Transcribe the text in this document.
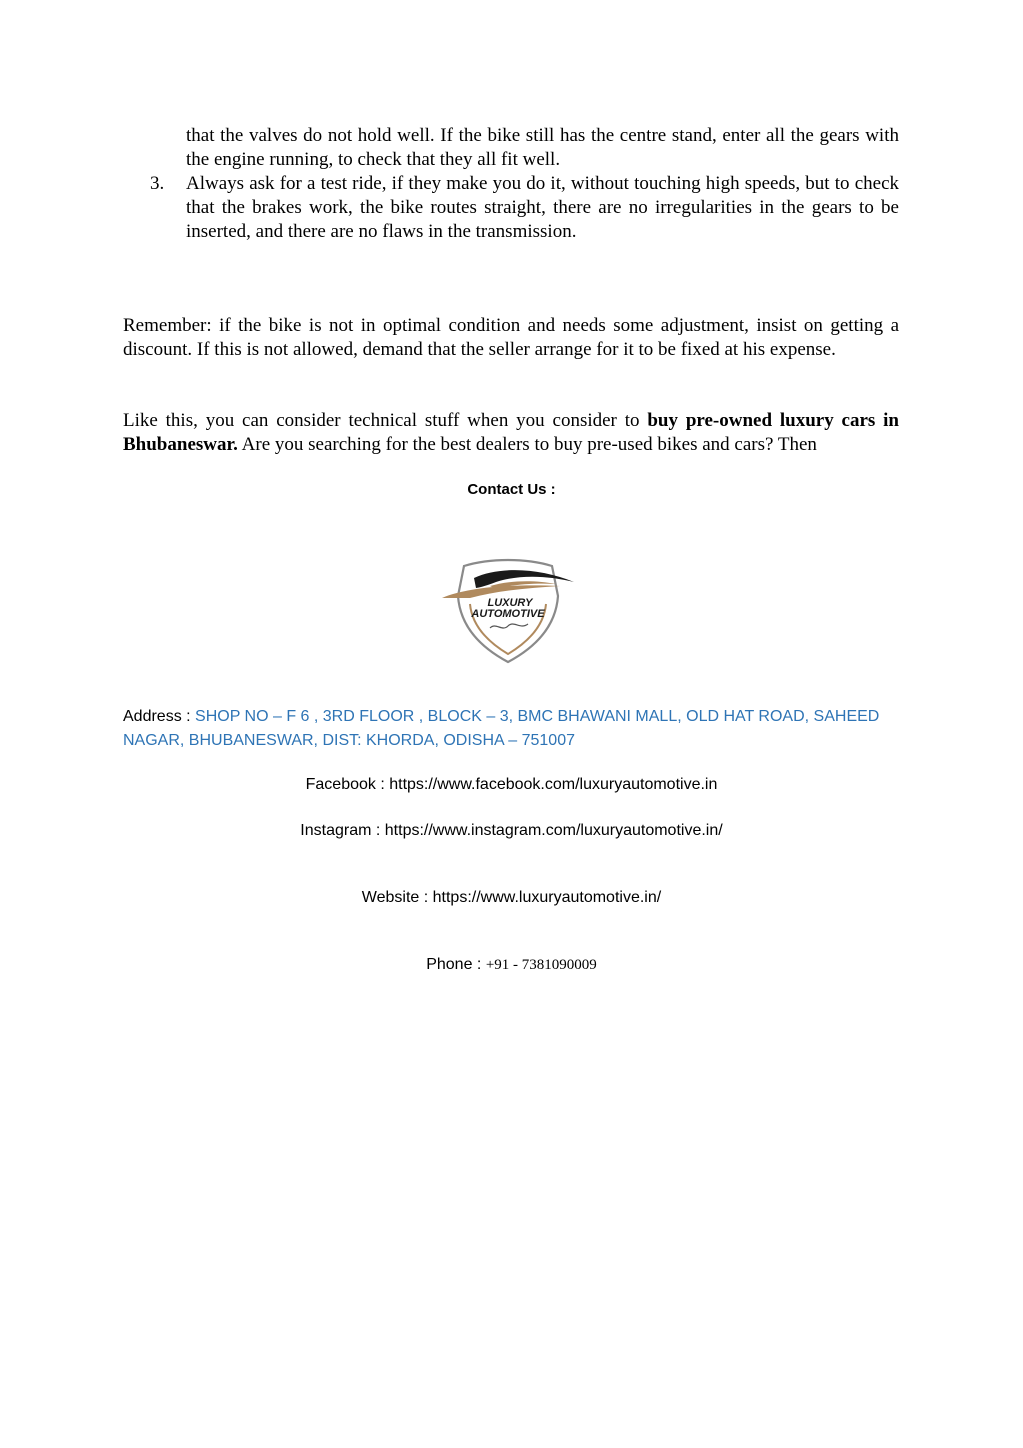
that the valves do not hold well. If the bike still has the centre stand, enter all the gears with the engine running, to check that they all fit well.
3.	Always ask for a test ride, if they make you do it, without touching high speeds, but to check that the brakes work, the bike routes straight, there are no irregularities in the gears to be inserted, and there are no flaws in the transmission.
Remember: if the bike is not in optimal condition and needs some adjustment, insist on getting a discount. If this is not allowed, demand that the seller arrange for it to be fixed at his expense.
Like this, you can consider technical stuff when you consider to buy pre-owned luxury cars in Bhubaneswar. Are you searching for the best dealers to buy pre-used bikes and cars? Then
Contact Us :
LUXURY
AUTOMOTIVE
Address : SHOP NO – F 6 , 3RD FLOOR , BLOCK – 3, BMC BHAWANI MALL, OLD HAT ROAD, SAHEED NAGAR, BHUBANESWAR, DIST: KHORDA, ODISHA – 751007
Facebook : https://www.facebook.com/luxuryautomotive.in
Instagram : https://www.instagram.com/luxuryautomotive.in/
Website : https://www.luxuryautomotive.in/
Phone : +91 - 7381090009
